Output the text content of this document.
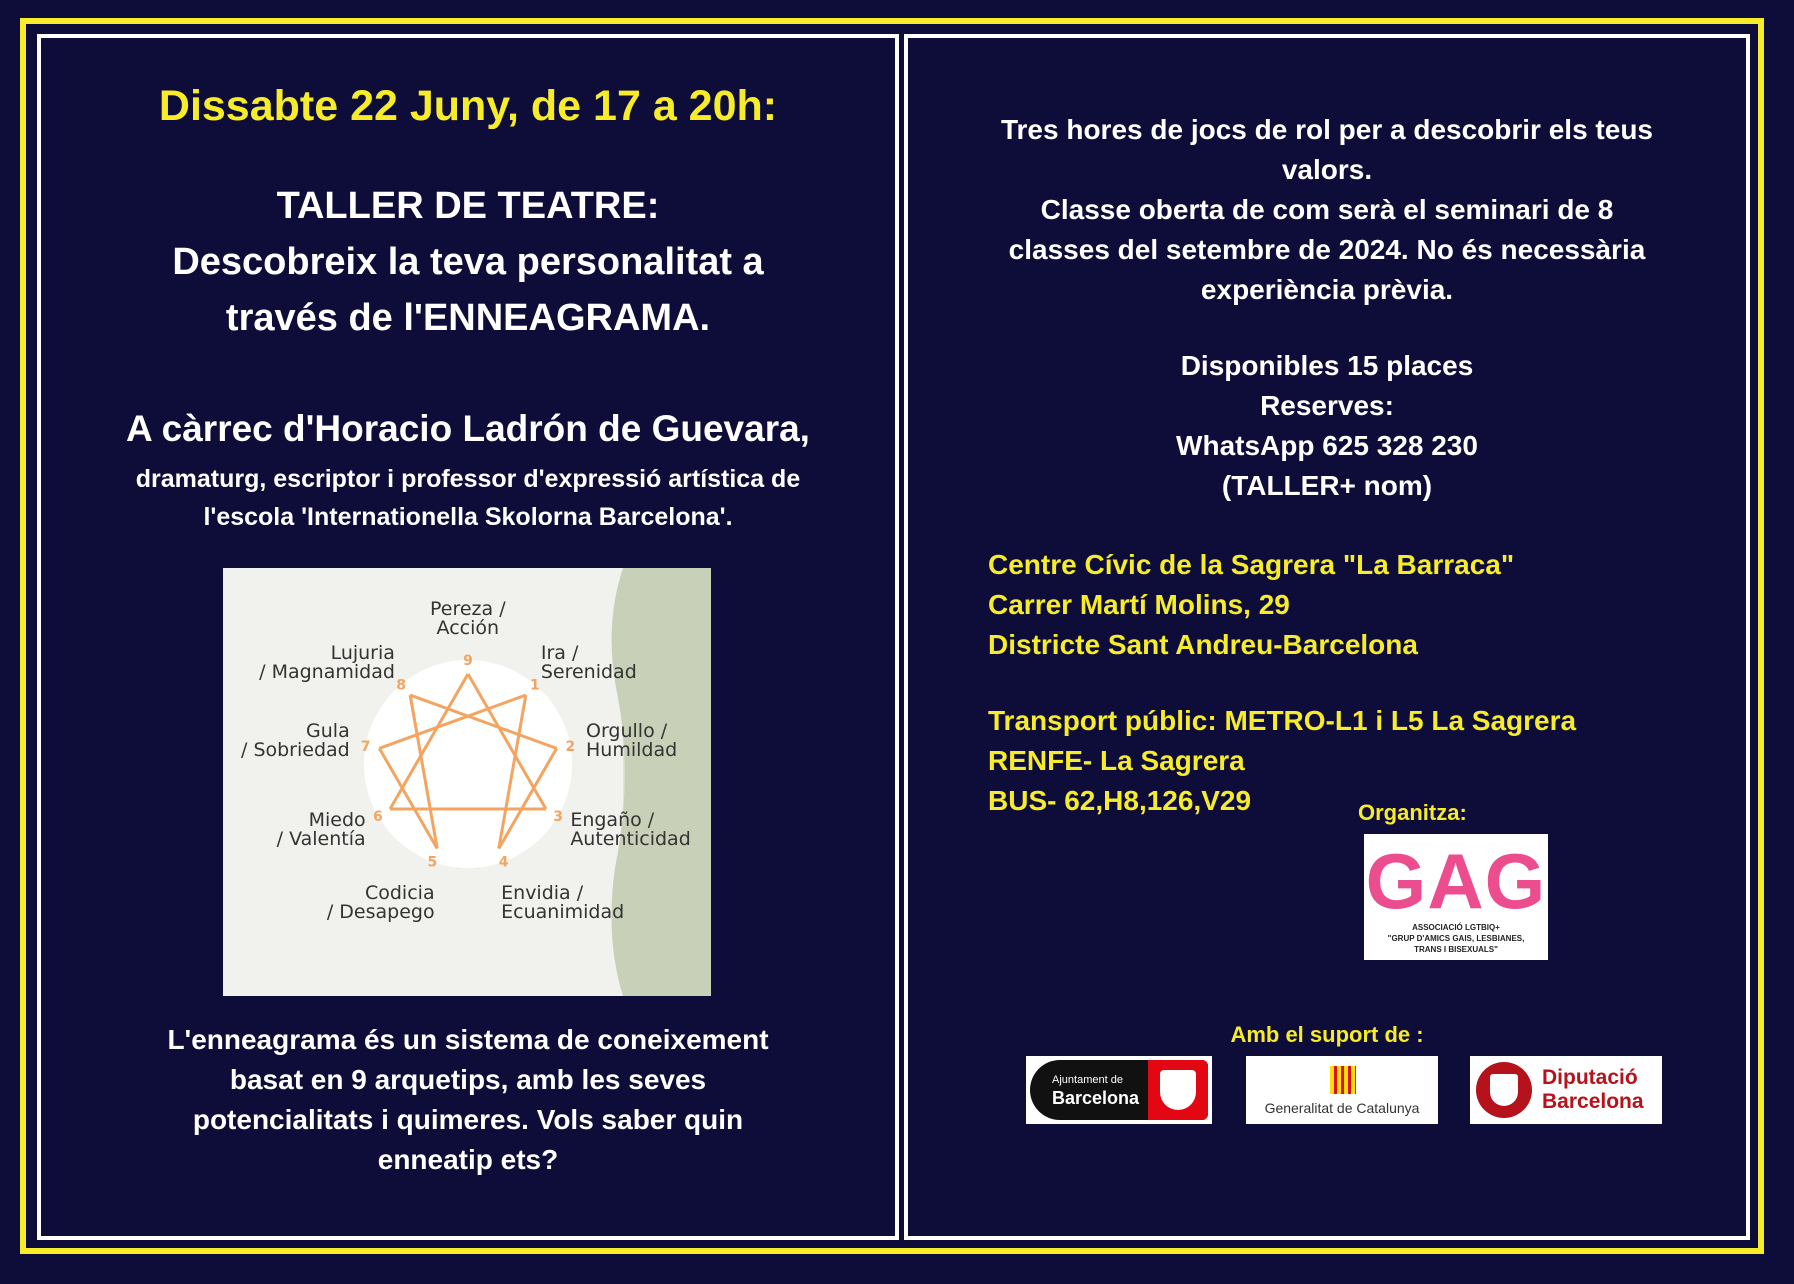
Dissabte 22 Juny, de 17 a 20h:
TALLER DE TEATRE:
Descobreix la teva personalitat a
través de l'ENNEAGRAMA.
A càrrec d'Horacio Ladrón de Guevara,
dramaturg, escriptor i professor d'expressió artística de
l'escola 'Internationella Skolorna Barcelona'.
9
1
2
3
4
5
6
7
8
Pereza /
Acción
Ira /
Serenidad
Orgullo /
Humildad
Engaño /
Autenticidad
Envidia /
Ecuanimidad
Codicia
/ Desapego
Miedo
/ Valentía
Gula
/ Sobriedad
Lujuria
/ Magnamidad
L'enneagrama és un sistema de coneixement
basat en 9 arquetips, amb les seves
potencialitats i quimeres. Vols saber quin
enneatip ets?
Tres hores de jocs de rol per a descobrir els teus
valors.
Classe oberta de com serà el seminari de 8
classes del setembre de 2024. No és necessària
experiència prèvia.
Disponibles 15 places
Reserves:
WhatsApp 625 328 230
(TALLER+ nom)
Centre Cívic de la Sagrera "La Barraca"
Carrer Martí Molins, 29
Districte Sant Andreu-Barcelona
Transport públic: METRO-L1 i L5 La Sagrera
RENFE- La Sagrera
BUS- 62,H8,126,V29	Organitza:
GAG
ASSOCIACIÓ LGTBIQ+
"GRUP D'AMICS GAIS, LESBIANES,
TRANS I BISEXUALS"
Amb el suport de :
Ajuntament de
Barcelona	Generalitat de Catalunya
Diputació
Barcelona
